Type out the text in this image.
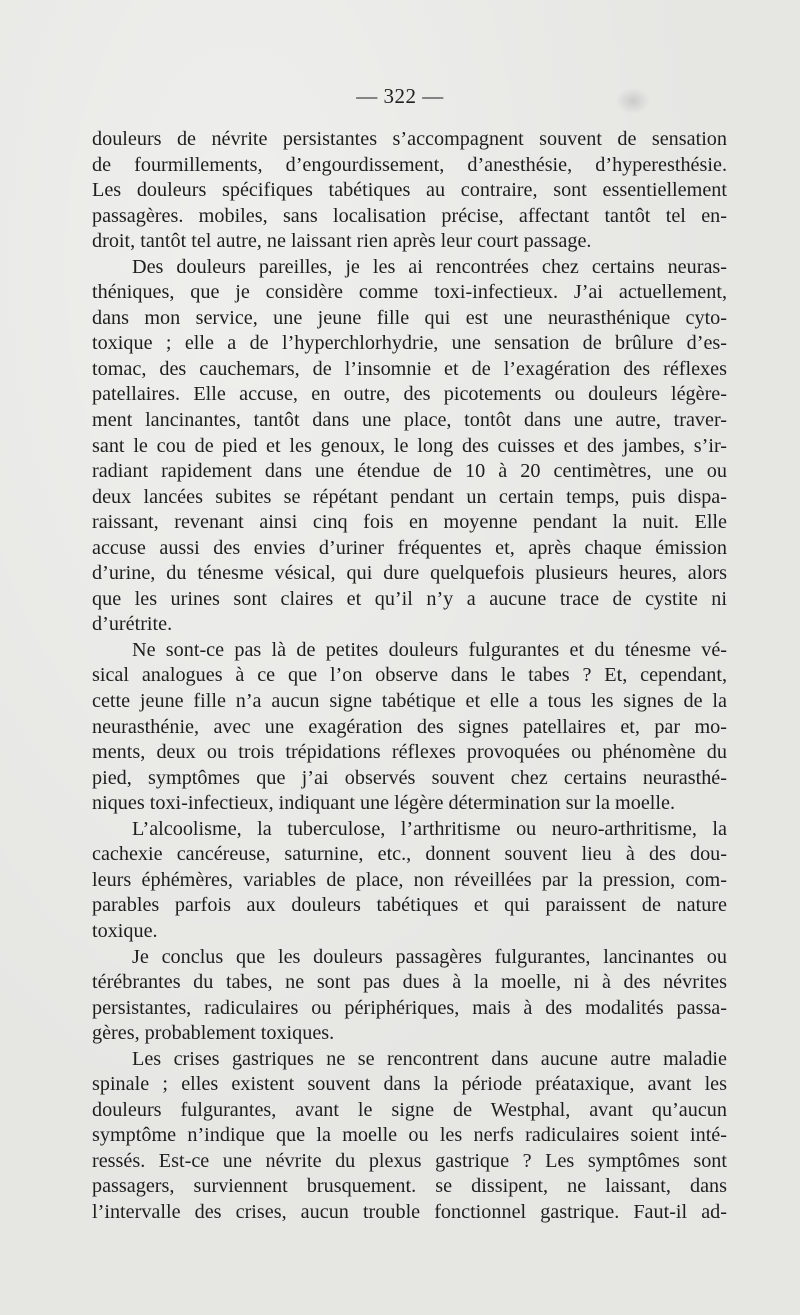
— 322 —

douleurs de névrite persistantes s’accompagnent souvent de sensation
de fourmillements, d’engourdissement, d’anesthésie, d’hyperesthésie.
Les douleurs spécifiques tabétiques au contraire, sont essentiellement
passagères. mobiles, sans localisation précise, affectant tantôt tel en-
droit, tantôt tel autre, ne laissant rien après leur court passage.

Des douleurs pareilles, je les ai rencontrées chez certains neuras-
théniques, que je considère comme toxi-infectieux. J’ai actuellement,
dans mon service, une jeune fille qui est une neurasthénique cyto-
toxique ; elle a de l’hyperchlorhydrie, une sensation de brûlure d’es-
tomac, des cauchemars, de l’insomnie et de l’exagération des réflexes
patellaires. Elle accuse, en outre, des picotements ou douleurs légère-
ment lancinantes, tantôt dans une place, tontôt dans une autre, traver-
sant le cou de pied et les genoux, le long des cuisses et des jambes, s’ir-
radiant rapidement dans une étendue de 10 à 20 centimètres, une ou
deux lancées subites se répétant pendant un certain temps, puis dispa-
raissant, revenant ainsi cinq fois en moyenne pendant la nuit. Elle
accuse aussi des envies d’uriner fréquentes et, après chaque émission
d’urine, du ténesme vésical, qui dure quelquefois plusieurs heures, alors
que les urines sont claires et qu’il n’y a aucune trace de cystite ni
d’urétrite.

Ne sont-ce pas là de petites douleurs fulgurantes et du ténesme vé-
sical analogues à ce que l’on observe dans le tabes ? Et, cependant,
cette jeune fille n’a aucun signe tabétique et elle a tous les signes de la
neurasthénie, avec une exagération des signes patellaires et, par mo-
ments, deux ou trois trépidations réflexes provoquées ou phénomène du
pied, symptômes que j’ai observés souvent chez certains neurasthé-
niques toxi-infectieux, indiquant une légère détermination sur la moelle.

L’alcoolisme, la tuberculose, l’arthritisme ou neuro-arthritisme, la
cachexie cancéreuse, saturnine, etc., donnent souvent lieu à des dou-
leurs éphémères, variables de place, non réveillées par la pression, com-
parables parfois aux douleurs tabétiques et qui paraissent de nature
toxique.

Je conclus que les douleurs passagères fulgurantes, lancinantes ou
térébrantes du tabes, ne sont pas dues à la moelle, ni à des névrites
persistantes, radiculaires ou périphériques, mais à des modalités passa-
gères, probablement toxiques.

Les crises gastriques ne se rencontrent dans aucune autre maladie
spinale ; elles existent souvent dans la période préataxique, avant les
douleurs fulgurantes, avant le signe de Westphal, avant qu’aucun
symptôme n’indique que la moelle ou les nerfs radiculaires soient inté-
ressés. Est-ce une névrite du plexus gastrique ? Les symptômes sont
passagers, surviennent brusquement. se dissipent, ne laissant, dans
l’intervalle des crises, aucun trouble fonctionnel gastrique. Faut-il ad-
